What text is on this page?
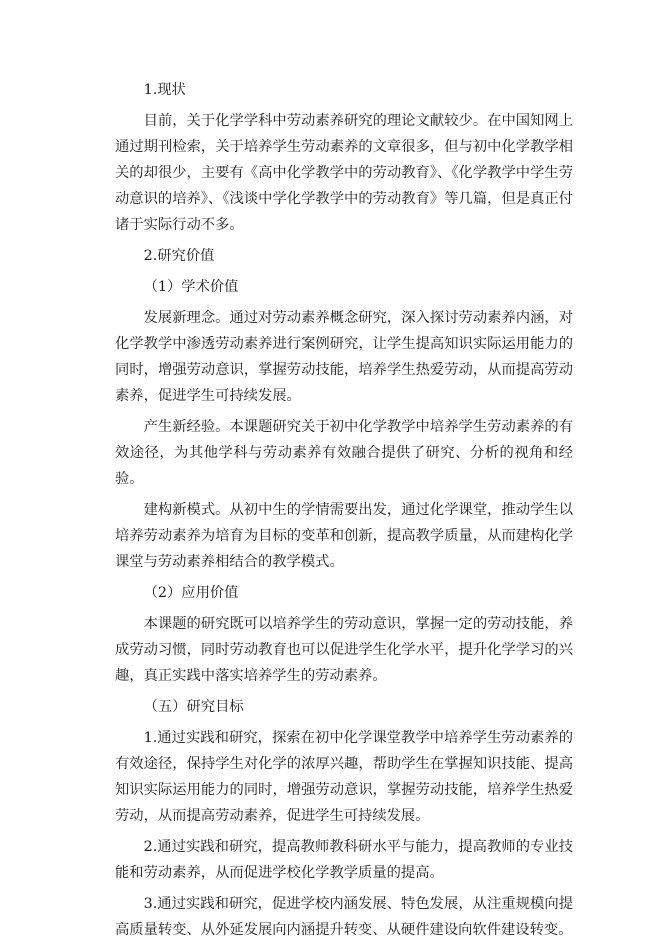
1.现状
目前，关于化学学科中劳动素养研究的理论文献较少。在中国知网上通过期刊检索，关于培养学生劳动素养的文章很多，但与初中化学教学相关的却很少，主要有《高中化学教学中的劳动教育》、《化学教学中学生劳动意识的培养》、《浅谈中学化学教学中的劳动教育》等几篇，但是真正付诸于实际行动不多。
2.研究价值
（1）学术价值
发展新理念。通过对劳动素养概念研究，深入探讨劳动素养内涵，对化学教学中渗透劳动素养进行案例研究，让学生提高知识实际运用能力的同时，增强劳动意识，掌握劳动技能，培养学生热爱劳动，从而提高劳动素养，促进学生可持续发展。
产生新经验。本课题研究关于初中化学教学中培养学生劳动素养的有效途径，为其他学科与劳动素养有效融合提供了研究、分析的视角和经验。
建构新模式。从初中生的学情需要出发，通过化学课堂，推动学生以培养劳动素养为培育为目标的变革和创新，提高教学质量，从而建构化学课堂与劳动素养相结合的教学模式。
（2）应用价值
本课题的研究既可以培养学生的劳动意识，掌握一定的劳动技能，养成劳动习惯，同时劳动教育也可以促进学生化学水平，提升化学学习的兴趣，真正实践中落实培养学生的劳动素养。
（五）研究目标
1.通过实践和研究，探索在初中化学课堂教学中培养学生劳动素养的有效途径，保持学生对化学的浓厚兴趣，帮助学生在掌握知识技能、提高知识实际运用能力的同时，增强劳动意识，掌握劳动技能，培养学生热爱劳动，从而提高劳动素养，促进学生可持续发展。
2.通过实践和研究，提高教师教科研水平与能力，提高教师的专业技能和劳动素养，从而促进学校化学教学质量的提高。
3.通过实践和研究，促进学校内涵发展、特色发展，从注重规模向提高质量转变、从外延发展向内涵提升转变、从硬件建设向软件建设转变。
